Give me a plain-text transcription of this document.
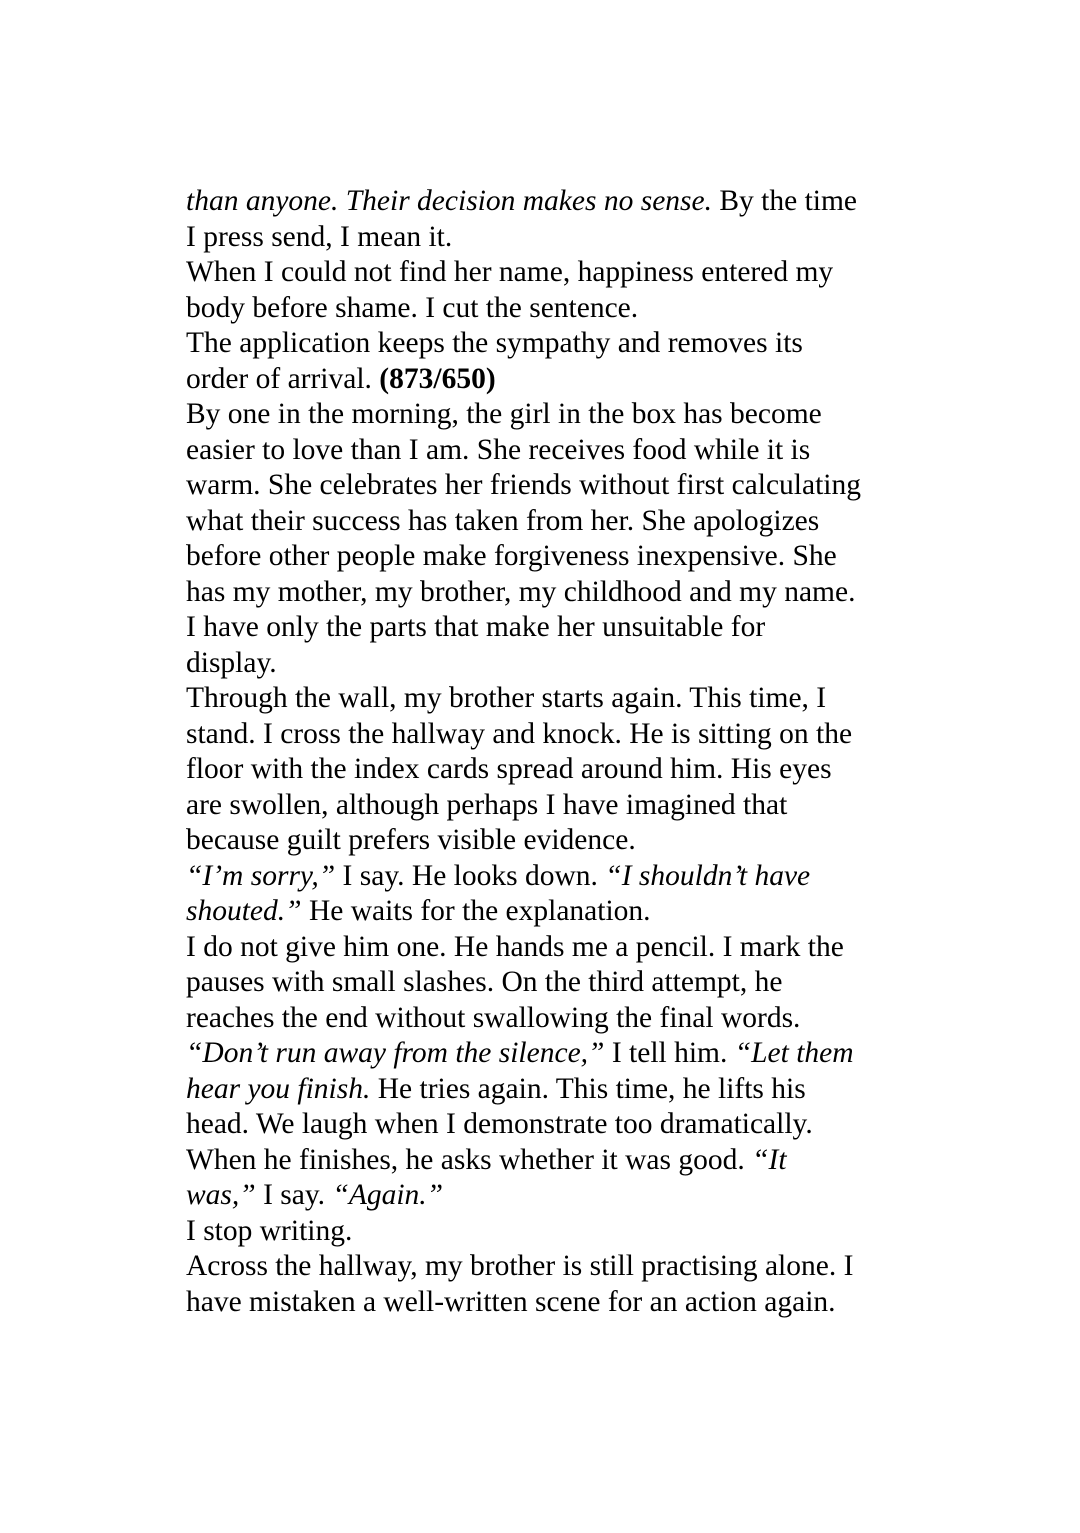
than anyone. Their decision makes no sense. By the time
I press send, I mean it.

When I could not find her name, happiness entered my
body before shame. I cut the sentence.

The application keeps the sympathy and removes its
order of arrival. (873/650)

By one in the morning, the girl in the box has become
easier to love than I am. She receives food while it is
warm. She celebrates her friends without first calculating
what their success has taken from her. She apologizes
before other people make forgiveness inexpensive. She
has my mother, my brother, my childhood and my name.
I have only the parts that make her unsuitable for
display.

Through the wall, my brother starts again. This time, I
stand. I cross the hallway and knock. He is sitting on the
floor with the index cards spread around him. His eyes
are swollen, although perhaps I have imagined that
because guilt prefers visible evidence.

“I’m sorry,” I say. He looks down. “I shouldn’t have
shouted.” He waits for the explanation.

I do not give him one. He hands me a pencil. I mark the
pauses with small slashes. On the third attempt, he
reaches the end without swallowing the final words.

“Don’t run away from the silence,” I tell him. “Let them
hear you finish. He tries again. This time, he lifts his
head. We laugh when I demonstrate too dramatically.
When he finishes, he asks whether it was good. “It
was,” I say. “Again.”

I stop writing.

Across the hallway, my brother is still practising alone. I
have mistaken a well-written scene for an action again.
